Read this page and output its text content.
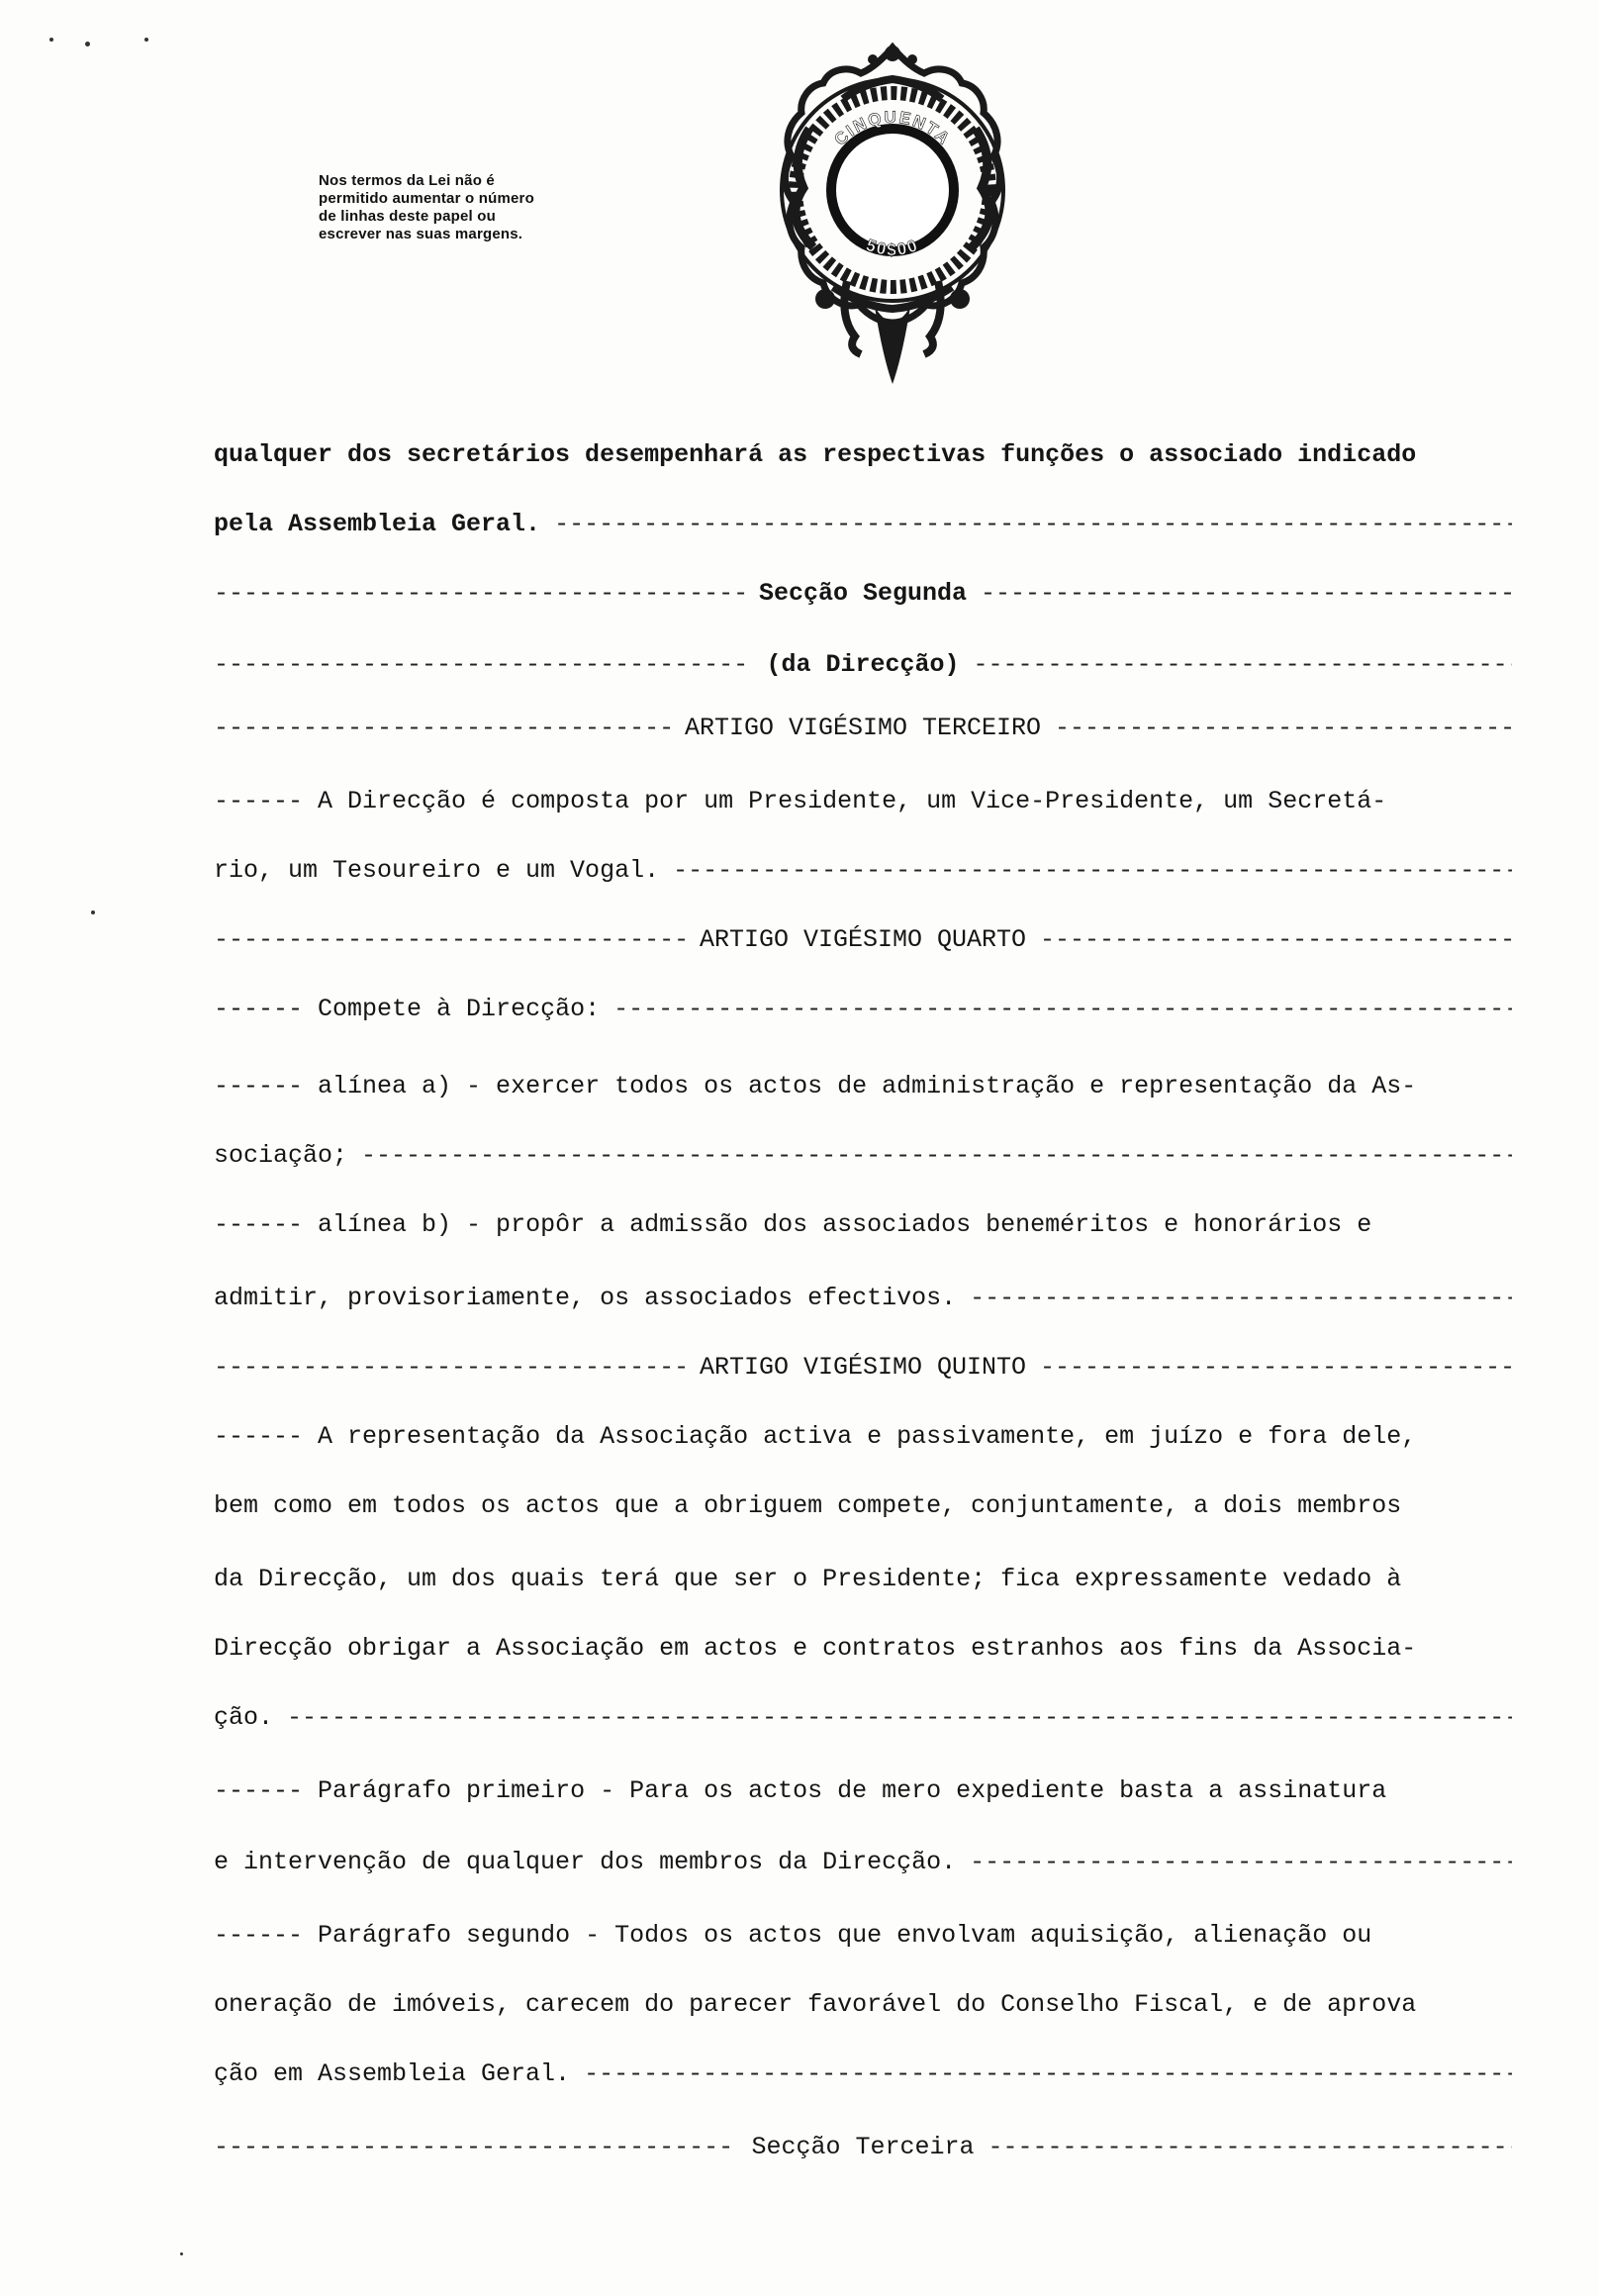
Nos termos da Lei não é permitido aumentar o número de linhas deste papel ou escrever nas suas margens.
CINQUENTA
50$00
qualquer dos secretários desempenhará as respectivas funções o associado indicado
pela Assembleia Geral.
-----
-----
Secção Segunda
-----
-----
(da Direcção)
-----
-----
ARTIGO VIGÉSIMO TERCEIRO
-----
------ A Direcção é composta por um Presidente, um Vice-Presidente, um Secretá-
rio, um Tesoureiro e um Vogal.
-----
-----
ARTIGO VIGÉSIMO QUARTO
-----
------ Compete à Direcção:
-----
------ alínea a) - exercer todos os actos de administração e representação da As-
sociação;
-----
------ alínea b) - propôr a admissão dos associados beneméritos e honorários e
admitir, provisoriamente, os associados efectivos.
-----
-----
ARTIGO VIGÉSIMO QUINTO
-----
------ A representação da Associação activa e passivamente, em juízo e fora dele,
bem como em todos os actos que a obriguem compete, conjuntamente, a dois membros
da Direcção, um dos quais terá que ser o Presidente; fica expressamente vedado à
Direcção obrigar a Associação em actos e contratos estranhos aos fins da Associa-
ção.
-----
------ Parágrafo primeiro - Para os actos de mero expediente basta a assinatura
e intervenção de qualquer dos membros da Direcção.
-----
------ Parágrafo segundo - Todos os actos que envolvam aquisição, alienação ou
oneração de imóveis, carecem do parecer favorável do Conselho Fiscal, e de aprova
ção em Assembleia Geral.
-----
-----
Secção Terceira
-----
